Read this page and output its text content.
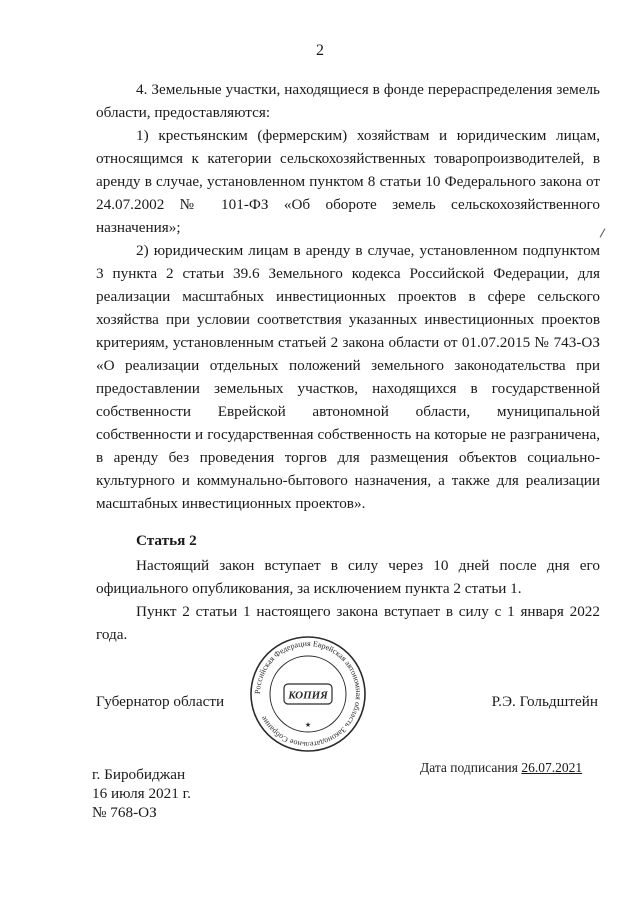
2

4. Земельные участки, находящиеся в фонде перераспределения земель области, предоставляются:

1) крестьянским (фермерским) хозяйствам и юридическим лицам, относящимся к категории сельскохозяйственных товаропроизводителей, в аренду в случае, установленном пунктом 8 статьи 10 Федерального закона от 24.07.2002 № 101-ФЗ «Об обороте земель сельскохозяйственного назначения»;

2) юридическим лицам в аренду в случае, установленном подпунктом 3 пункта 2 статьи 39.6 Земельного кодекса Российской Федерации, для реализации масштабных инвестиционных проектов в сфере сельского хозяйства при условии соответствия указанных инвестиционных проектов критериям, установленным статьей 2 закона области от 01.07.2015 № 743-ОЗ «О реализации отдельных положений земельного законодательства при предоставлении земельных участков, находящихся в государственной собственности Еврейской автономной области, муниципальной собственности и государственная собственность на которые не разграничена, в аренду без проведения торгов для размещения объектов социально-культурного и коммунально-бытового назначения, а также для реализации масштабных инвестиционных проектов».

Статья 2

Настоящий закон вступает в силу через 10 дней после дня его официального опубликования, за исключением пункта 2 статьи 1.

Пункт 2 статьи 1 настоящего закона вступает в силу с 1 января 2022 года.

Губернатор области	Р.Э. Гольдштейн
Российская Федерация Еврейская автономная область Законодательное Собрание
КОПИЯ
★
г. Биробиджан
16 июля 2021 г.
№ 768-ОЗ
Дата подписания 26.07.2021
